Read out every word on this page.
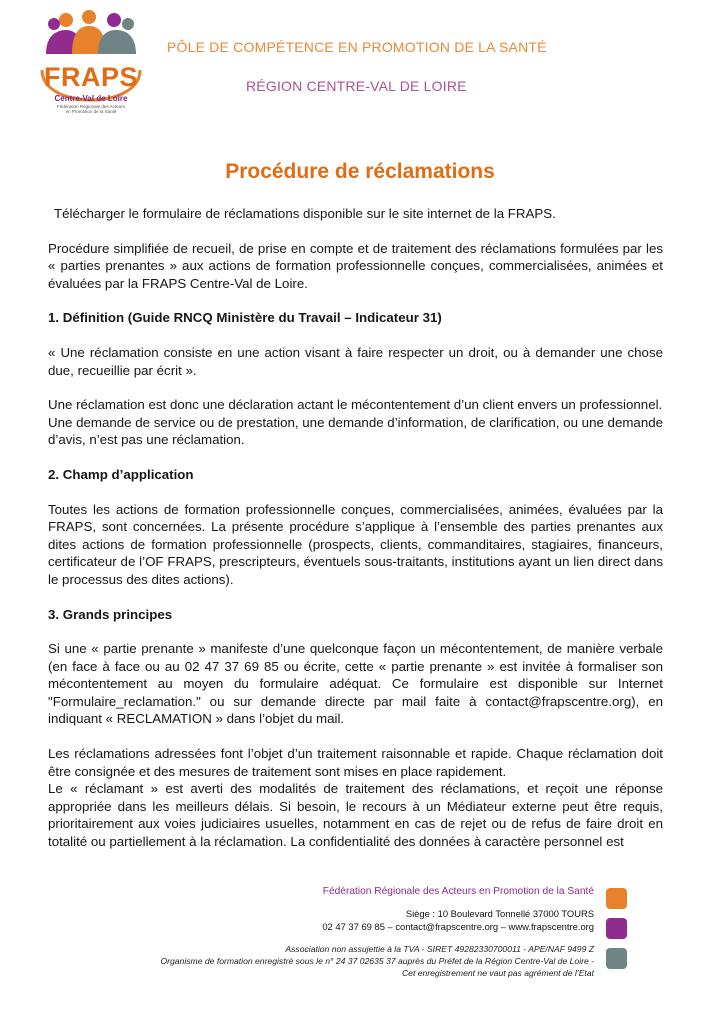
FRAPS
Centre-Val de Loire
Fédération Régionale des Acteurs en Promotion de la Santé
PÔLE DE COMPÉTENCE EN PROMOTION DE LA SANTÉ
RÉGION CENTRE-VAL DE LOIRE
Procédure de réclamations

Télécharger le formulaire de réclamations disponible sur le site internet de la FRAPS.

Procédure simplifiée de recueil, de prise en compte et de traitement des réclamations formulées par les « parties prenantes » aux actions de formation professionnelle conçues, commercialisées, animées et évaluées par la FRAPS Centre-Val de Loire.

1. Définition (Guide RNCQ Ministère du Travail – Indicateur 31)

« Une réclamation consiste en une action visant à faire respecter un droit, ou à demander une chose due, recueillie par écrit ».

Une réclamation est donc une déclaration actant le mécontentement d’un client envers un professionnel.

Une demande de service ou de prestation, une demande d’information, de clarification, ou une demande d’avis, n’est pas une réclamation.

2. Champ d’application

Toutes les actions de formation professionnelle conçues, commercialisées, animées, évaluées par la FRAPS, sont concernées. La présente procédure s’applique à l’ensemble des parties prenantes aux dites actions de formation professionnelle (prospects, clients, commanditaires, stagiaires, financeurs, certificateur de l’OF FRAPS, prescripteurs, éventuels sous-traitants, institutions ayant un lien direct dans le processus des dites actions).

3. Grands principes

Si une « partie prenante » manifeste d’une quelconque façon un mécontentement, de manière verbale (en face à face ou au 02 47 37 69 85 ou écrite, cette « partie prenante » est invitée à formaliser son mécontentement au moyen du formulaire adéquat. Ce formulaire est disponible sur Internet "Formulaire_reclamation." ou sur demande directe par mail faite à contact@frapscentre.org), en indiquant « RECLAMATION » dans l’objet du mail.

Les réclamations adressées font l’objet d’un traitement raisonnable et rapide. Chaque réclamation doit être consignée et des mesures de traitement sont mises en place rapidement.

Le « réclamant » est averti des modalités de traitement des réclamations, et reçoit une réponse appropriée dans les meilleurs délais. Si besoin, le recours à un Médiateur externe peut être requis, prioritairement aux voies judiciaires usuelles, notamment en cas de rejet ou de refus de faire droit en totalité ou partiellement à la réclamation. La confidentialité des données à caractère personnel est

Fédération Régionale des Acteurs en Promotion de la Santé
Siège : 10 Boulevard Tonnellé 37000 TOURS
02 47 37 69 85 – contact@frapscentre.org – www.frapscentre.org
Association non assujettie à la TVA - SIRET 49282330700011 - APE/NAF 9499 Z
Organisme de formation enregistré sous le n° 24 37 02635 37 auprès du Préfet de la Région Centre-Val de Loire -
Cet enregistrement ne vaut pas agrément de l’Etat
